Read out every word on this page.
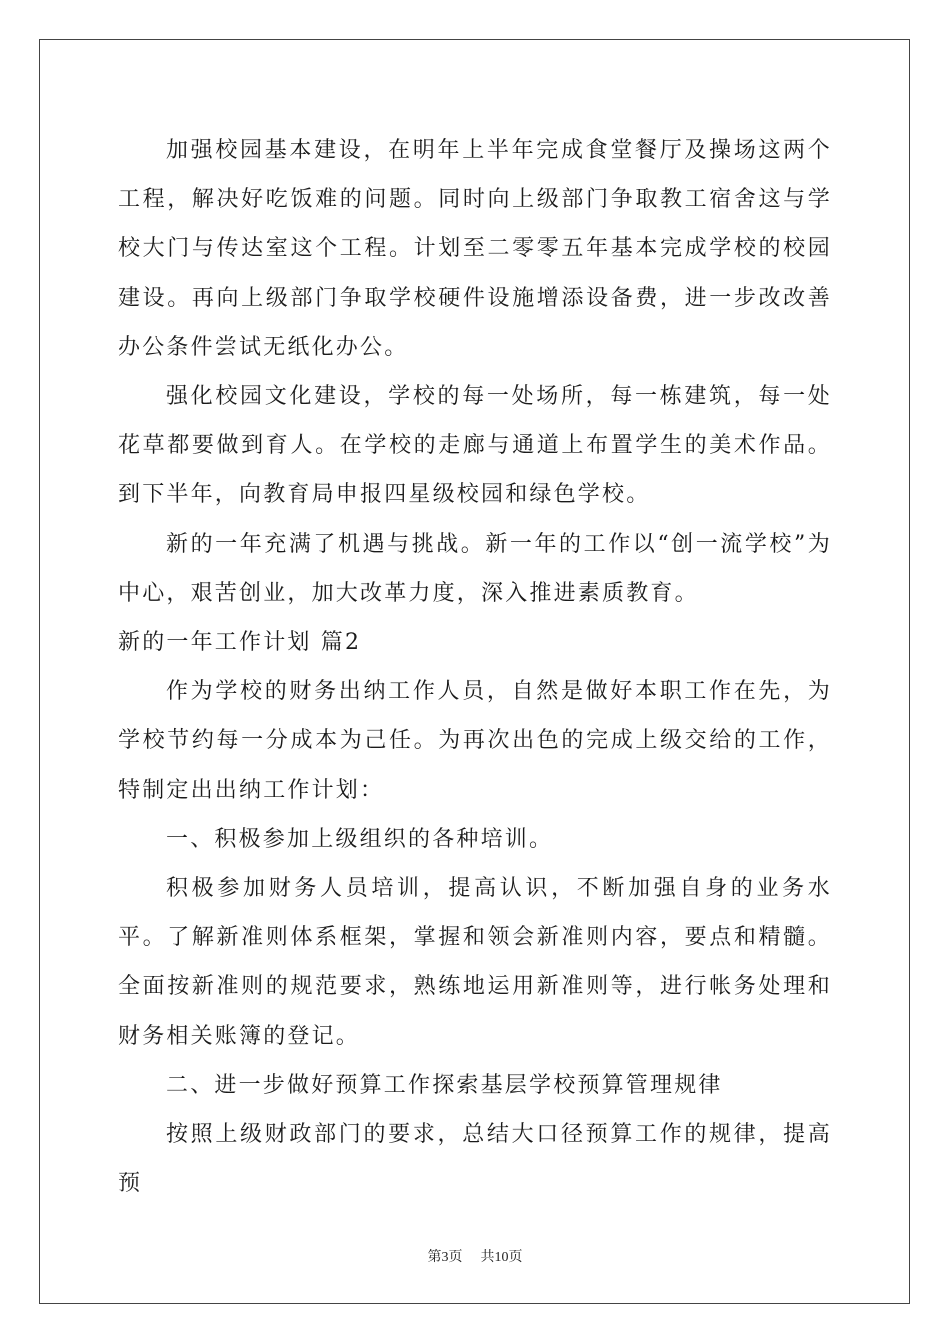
加强校园基本建设，在明年上半年完成食堂餐厅及操场这两个工程，解决好吃饭难的问题。同时向上级部门争取教工宿舍这与学校大门与传达室这个工程。计划至二零零五年基本完成学校的校园建设。再向上级部门争取学校硬件设施增添设备费，进一步改改善办公条件尝试无纸化办公。

强化校园文化建设，学校的每一处场所，每一栋建筑，每一处花草都要做到育人。在学校的走廊与通道上布置学生的美术作品。到下半年，向教育局申报四星级校园和绿色学校。

新的一年充满了机遇与挑战。新一年的工作以“创一流学校”为中心，艰苦创业，加大改革力度，深入推进素质教育。

新的一年工作计划 篇2

作为学校的财务出纳工作人员，自然是做好本职工作在先，为学校节约每一分成本为己任。为再次出色的完成上级交给的工作，特制定出出纳工作计划：

一、积极参加上级组织的各种培训。

积极参加财务人员培训，提高认识，不断加强自身的业务水平。了解新准则体系框架，掌握和领会新准则内容，要点和精髓。全面按新准则的规范要求，熟练地运用新准则等，进行帐务处理和财务相关账簿的登记。

二、进一步做好预算工作探索基层学校预算管理规律

按照上级财政部门的要求，总结大口径预算工作的规律，提高预

第3页 共10页
